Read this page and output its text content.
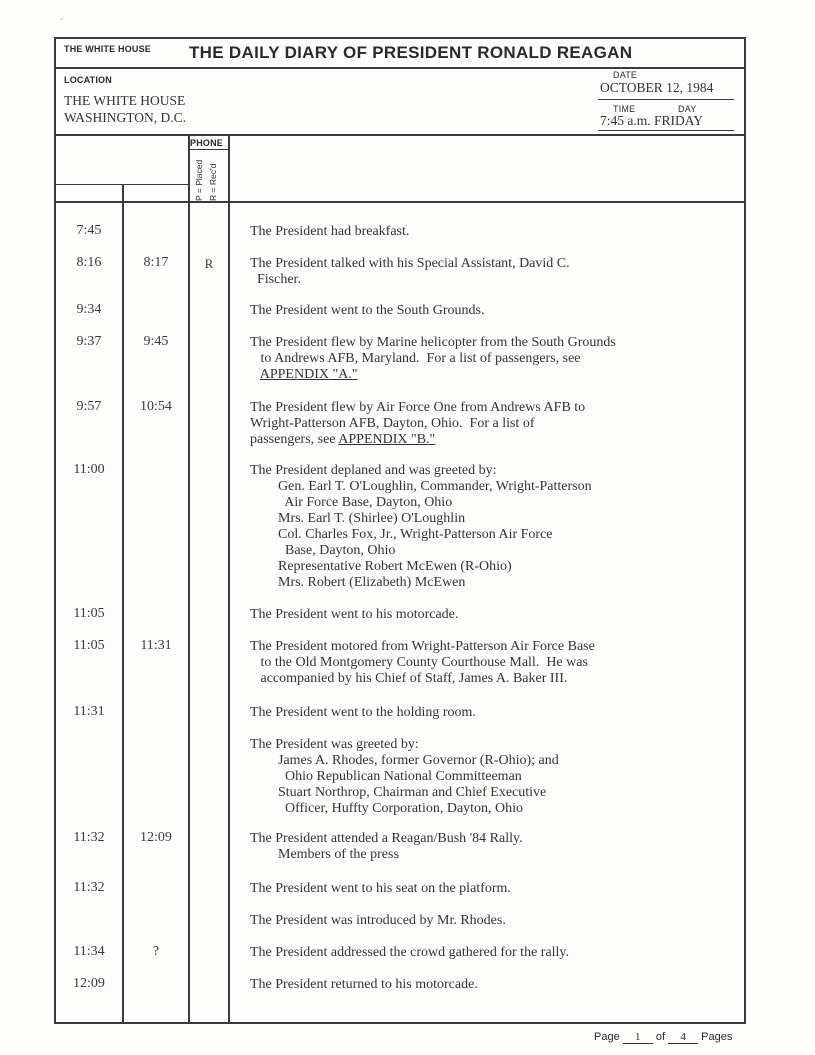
-
THE WHITE HOUSE THE DAILY DIARY OF PRESIDENT RONALD REAGAN
LOCATION
THE WHITE HOUSE
WASHINGTON, D.C.
DATE
OCTOBER 12, 1984
TIME	DAY
7:45 a.m. FRIDAY
PHONE
P = Placed R = Rec'd
7:45	The President had breakfast.
8:16	8:17	R	The President talked with his Special Assistant, David C.
Fischer.
9:34	The President went to the South Grounds.
9:37	9:45	The President flew by Marine helicopter from the South Grounds
to Andrews AFB, Maryland.  For a list of passengers, see
APPENDIX "A."
9:57	10:54	The President flew by Air Force One from Andrews AFB to
Wright-Patterson AFB, Dayton, Ohio.  For a list of
passengers, see APPENDIX "B."
11:00	The President deplaned and was greeted by:
Gen. Earl T. O'Loughlin, Commander, Wright-Patterson
Air Force Base, Dayton, Ohio
Mrs. Earl T. (Shirlee) O'Loughlin
Col. Charles Fox, Jr., Wright-Patterson Air Force
Base, Dayton, Ohio
Representative Robert McEwen (R-Ohio)
Mrs. Robert (Elizabeth) McEwen
11:05	The President went to his motorcade.
11:05	11:31	The President motored from Wright-Patterson Air Force Base
to the Old Montgomery County Courthouse Mall.  He was
accompanied by his Chief of Staff, James A. Baker III.
11:31	The President went to the holding room.
The President was greeted by:
James A. Rhodes, former Governor (R-Ohio); and
Ohio Republican National Committeeman
Stuart Northrop, Chairman and Chief Executive
Officer, Huffty Corporation, Dayton, Ohio
11:32	12:09	The President attended a Reagan/Bush '84 Rally.
Members of the press
11:32	The President went to his seat on the platform.
The President was introduced by Mr. Rhodes.
11:34	?	The President addressed the crowd gathered for the rally.
12:09	The President returned to his motorcade.
Page 1 of 4 Pages
